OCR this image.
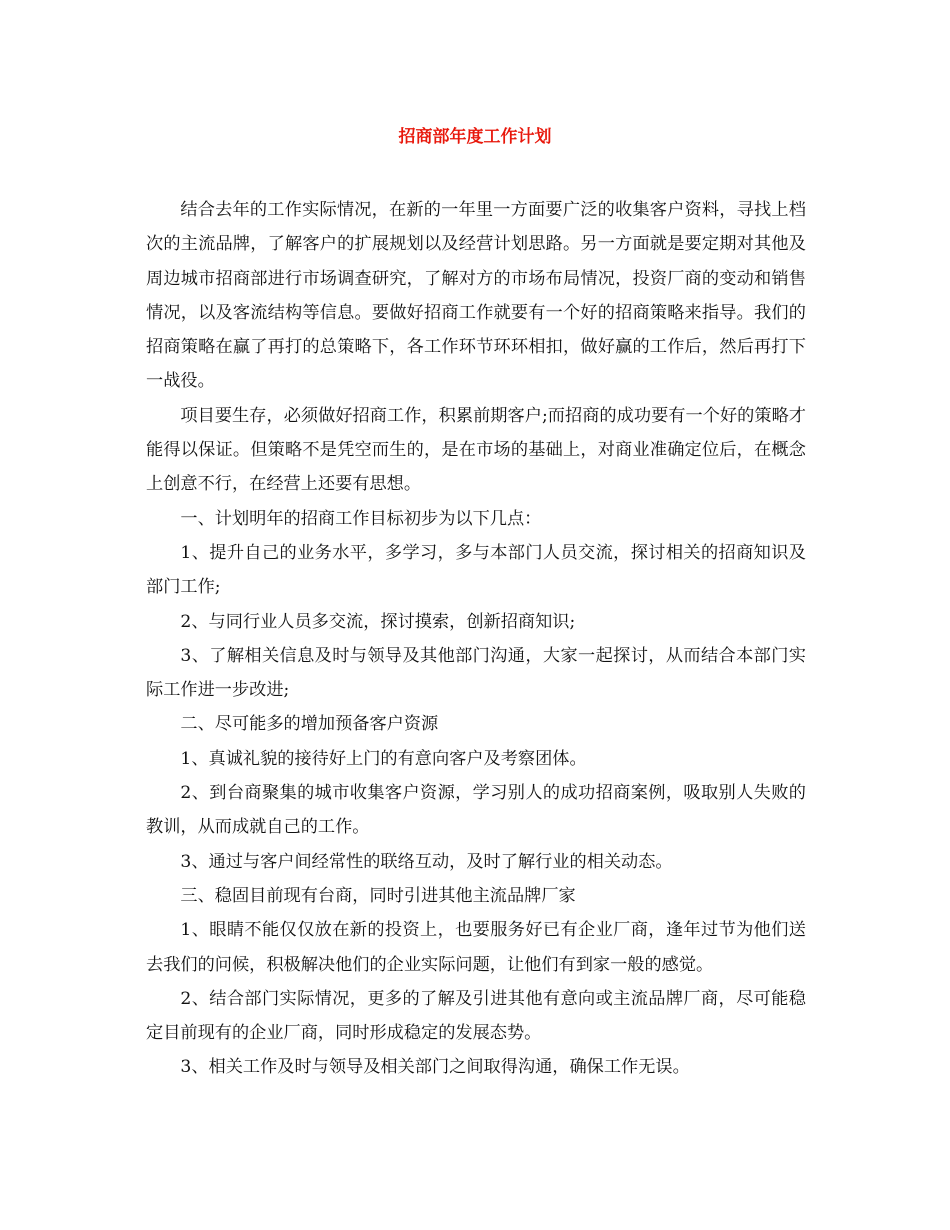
招商部年度工作计划

结合去年的工作实际情况，在新的一年里一方面要广泛的收集客户资料，寻找上档次的主流品牌，了解客户的扩展规划以及经营计划思路。另一方面就是要定期对其他及周边城市招商部进行市场调查研究，了解对方的市场布局情况，投资厂商的变动和销售情况，以及客流结构等信息。要做好招商工作就要有一个好的招商策略来指导。我们的招商策略在赢了再打的总策略下，各工作环节环环相扣，做好赢的工作后，然后再打下一战役。

项目要生存，必须做好招商工作，积累前期客户;而招商的成功要有一个好的策略才能得以保证。但策略不是凭空而生的，是在市场的基础上，对商业准确定位后，在概念上创意不行，在经营上还要有思想。

一、计划明年的招商工作目标初步为以下几点：

1、提升自己的业务水平，多学习，多与本部门人员交流，探讨相关的招商知识及部门工作;

2、与同行业人员多交流，探讨摸索，创新招商知识;

3、了解相关信息及时与领导及其他部门沟通，大家一起探讨，从而结合本部门实际工作进一步改进;

二、尽可能多的增加预备客户资源

1、真诚礼貌的接待好上门的有意向客户及考察团体。

2、到台商聚集的城市收集客户资源，学习别人的成功招商案例，吸取别人失败的教训，从而成就自己的工作。

3、通过与客户间经常性的联络互动，及时了解行业的相关动态。

三、稳固目前现有台商，同时引进其他主流品牌厂家

1、眼睛不能仅仅放在新的投资上，也要服务好已有企业厂商，逢年过节为他们送去我们的问候，积极解决他们的企业实际问题，让他们有到家一般的感觉。

2、结合部门实际情况，更多的了解及引进其他有意向或主流品牌厂商，尽可能稳定目前现有的企业厂商，同时形成稳定的发展态势。

3、相关工作及时与领导及相关部门之间取得沟通，确保工作无误。
